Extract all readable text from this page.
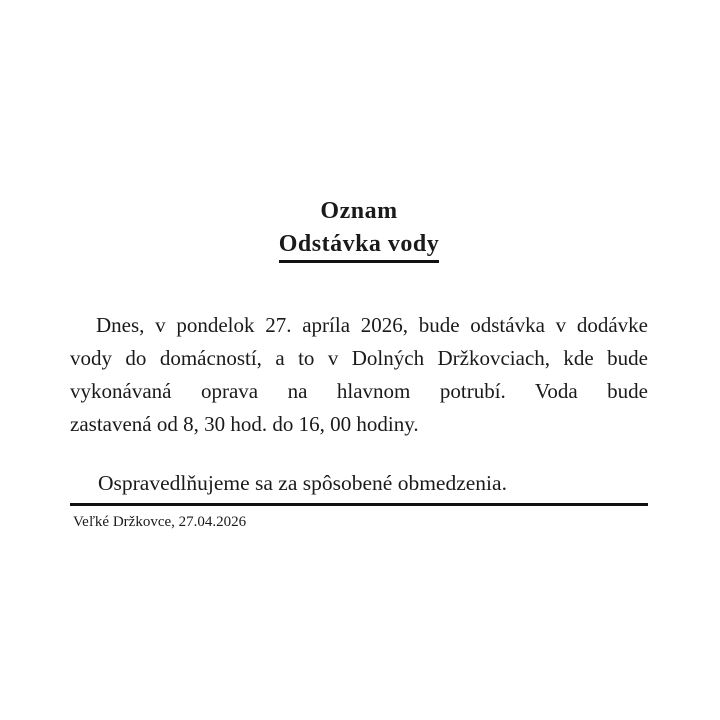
Oznam
Odstávka vody
Dnes, v pondelok 27. apríla 2026, bude odstávka v dodávke
vody do domácností, a to v Dolných Držkovciach, kde bude
vykonávaná oprava na hlavnom potrubí. Voda bude
zastavená od 8, 30 hod. do 16, 00 hodiny.

Ospravedlňujeme sa za spôsobené obmedzenia.

Veľké Držkovce, 27.04.2026
